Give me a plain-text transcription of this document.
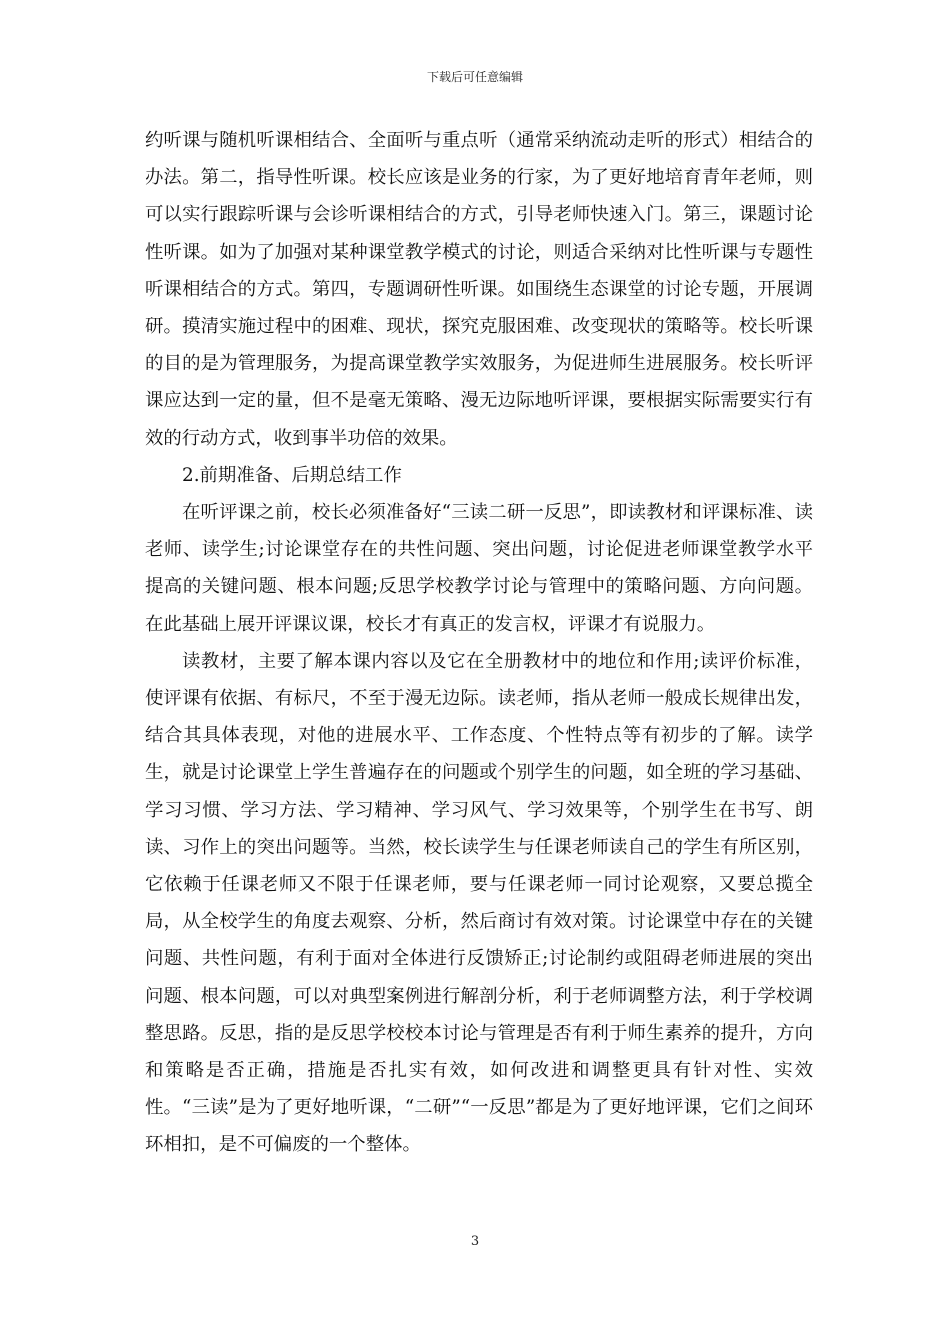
下载后可任意编辑

约听课与随机听课相结合、全面听与重点听（通常采纳流动走听的形式）相结合的办法。第二，指导性听课。校长应该是业务的行家，为了更好地培育青年老师，则可以实行跟踪听课与会诊听课相结合的方式，引导老师快速入门。第三，课题讨论性听课。如为了加强对某种课堂教学模式的讨论，则适合采纳对比性听课与专题性听课相结合的方式。第四，专题调研性听课。如围绕生态课堂的讨论专题，开展调研。摸清实施过程中的困难、现状，探究克服困难、改变现状的策略等。校长听课的目的是为管理服务，为提高课堂教学实效服务，为促进师生进展服务。校长听评课应达到一定的量，但不是毫无策略、漫无边际地听评课，要根据实际需要实行有效的行动方式，收到事半功倍的效果。

2.前期准备、后期总结工作

在听评课之前，校长必须准备好“三读二研一反思”，即读教材和评课标准、读老师、读学生;讨论课堂存在的共性问题、突出问题，讨论促进老师课堂教学水平提高的关键问题、根本问题;反思学校教学讨论与管理中的策略问题、方向问题。在此基础上展开评课议课，校长才有真正的发言权，评课才有说服力。

读教材，主要了解本课内容以及它在全册教材中的地位和作用;读评价标准，使评课有依据、有标尺，不至于漫无边际。读老师，指从老师一般成长规律出发，结合其具体表现，对他的进展水平、工作态度、个性特点等有初步的了解。读学生，就是讨论课堂上学生普遍存在的问题或个别学生的问题，如全班的学习基础、学习习惯、学习方法、学习精神、学习风气、学习效果等，个别学生在书写、朗读、习作上的突出问题等。当然，校长读学生与任课老师读自己的学生有所区别，它依赖于任课老师又不限于任课老师，要与任课老师一同讨论观察，又要总揽全局，从全校学生的角度去观察、分析，然后商讨有效对策。讨论课堂中存在的关键问题、共性问题，有利于面对全体进行反馈矫正;讨论制约或阻碍老师进展的突出问题、根本问题，可以对典型案例进行解剖分析，利于老师调整方法，利于学校调整思路。反思，指的是反思学校校本讨论与管理是否有利于师生素养的提升，方向和策略是否正确，措施是否扎实有效，如何改进和调整更具有针对性、实效性。“三读”是为了更好地听课，“二研”“一反思”都是为了更好地评课，它们之间环环相扣，是不可偏废的一个整体。

3
